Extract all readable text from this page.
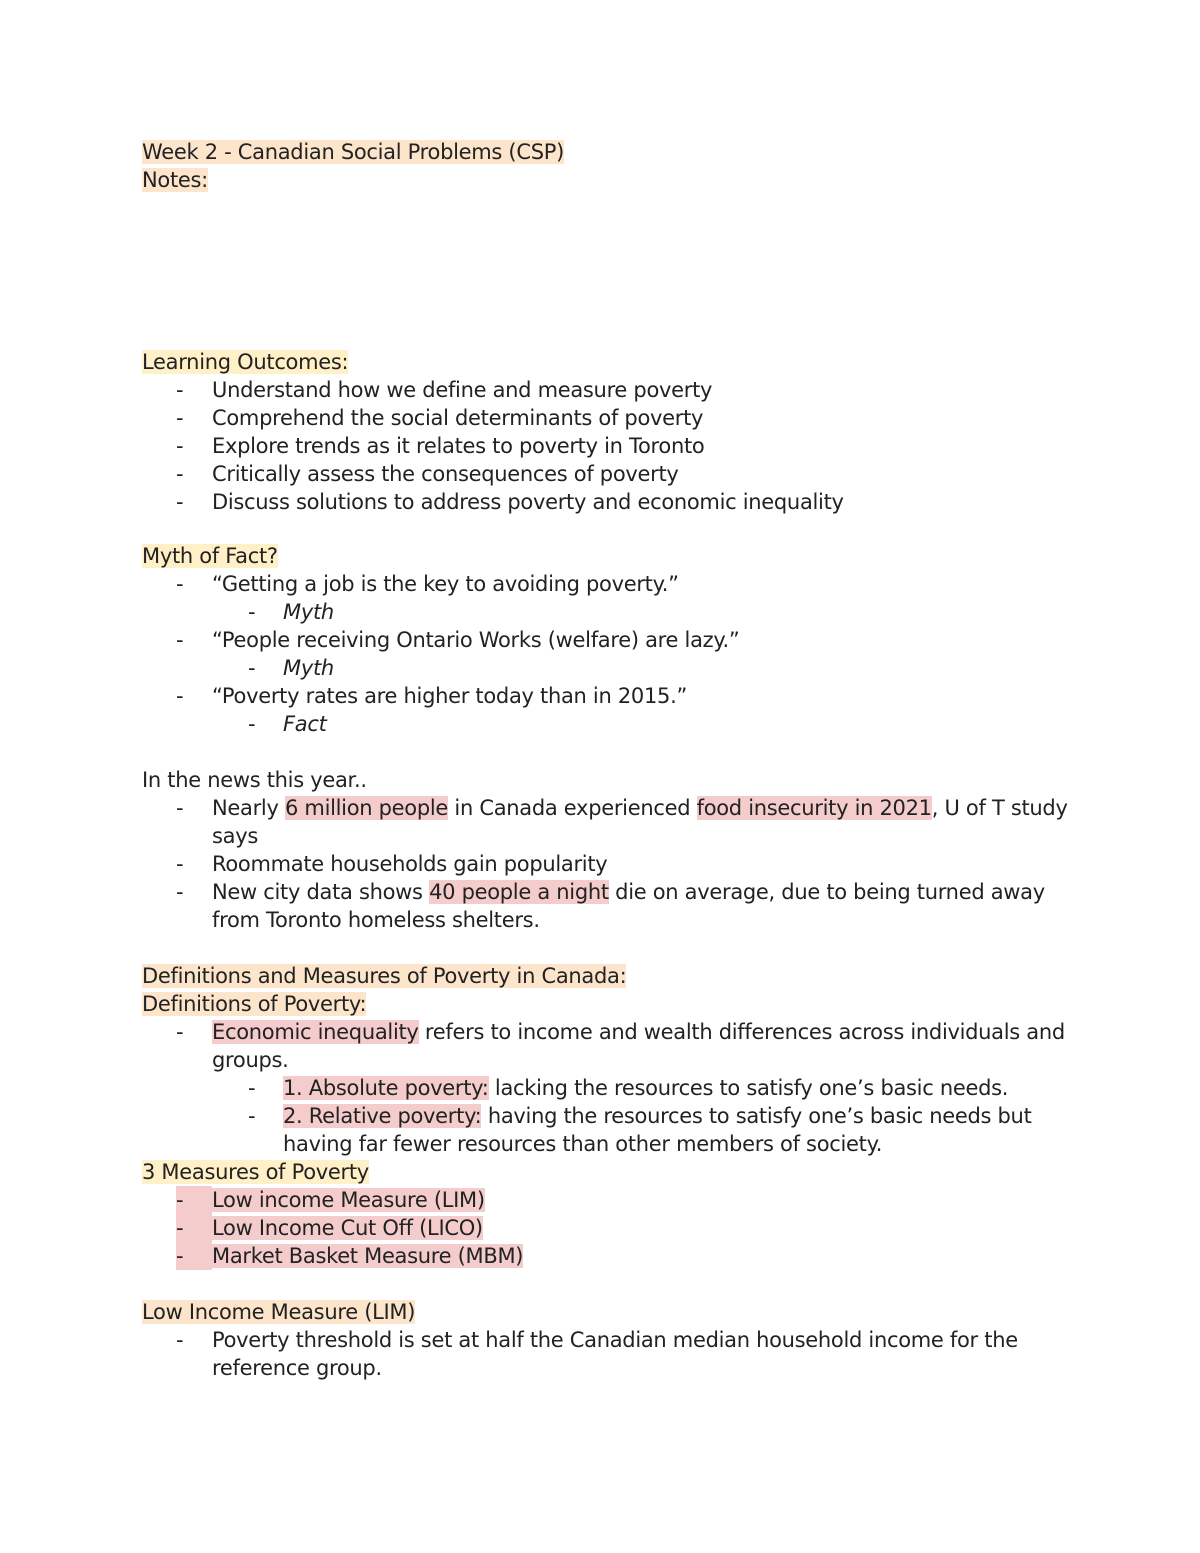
Week 2 - Canadian Social Problems (CSP)
Notes:
Learning Outcomes:
-	Understand how we define and measure poverty
-	Comprehend the social determinants of poverty
-	Explore trends as it relates to poverty in Toronto
-	Critically assess the consequences of poverty
-	Discuss solutions to address poverty and economic inequality
Myth of Fact?
-	“Getting a job is the key to avoiding poverty.”
-	Myth
-	“People receiving Ontario Works (welfare) are lazy.”
-	Myth
-	“Poverty rates are higher today than in 2015.”
-	Fact
In the news this year..
-	Nearly 6 million people in Canada experienced food insecurity in 2021, U of T study says
-	Roommate households gain popularity
-	New city data shows 40 people a night die on average, due to being turned away from Toronto homeless shelters.
Definitions and Measures of Poverty in Canada:
Definitions of Poverty:
-	Economic inequality refers to income and wealth differences across individuals and groups.
-	1. Absolute poverty: lacking the resources to satisfy one’s basic needs.
-	2. Relative poverty: having the resources to satisfy one’s basic needs but having far fewer resources than other members of society.
3 Measures of Poverty
-	Low income Measure (LIM)
-	Low Income Cut Off (LICO)
-	Market Basket Measure (MBM)
Low Income Measure (LIM)
-	Poverty threshold is set at half the Canadian median household income for the reference group.
